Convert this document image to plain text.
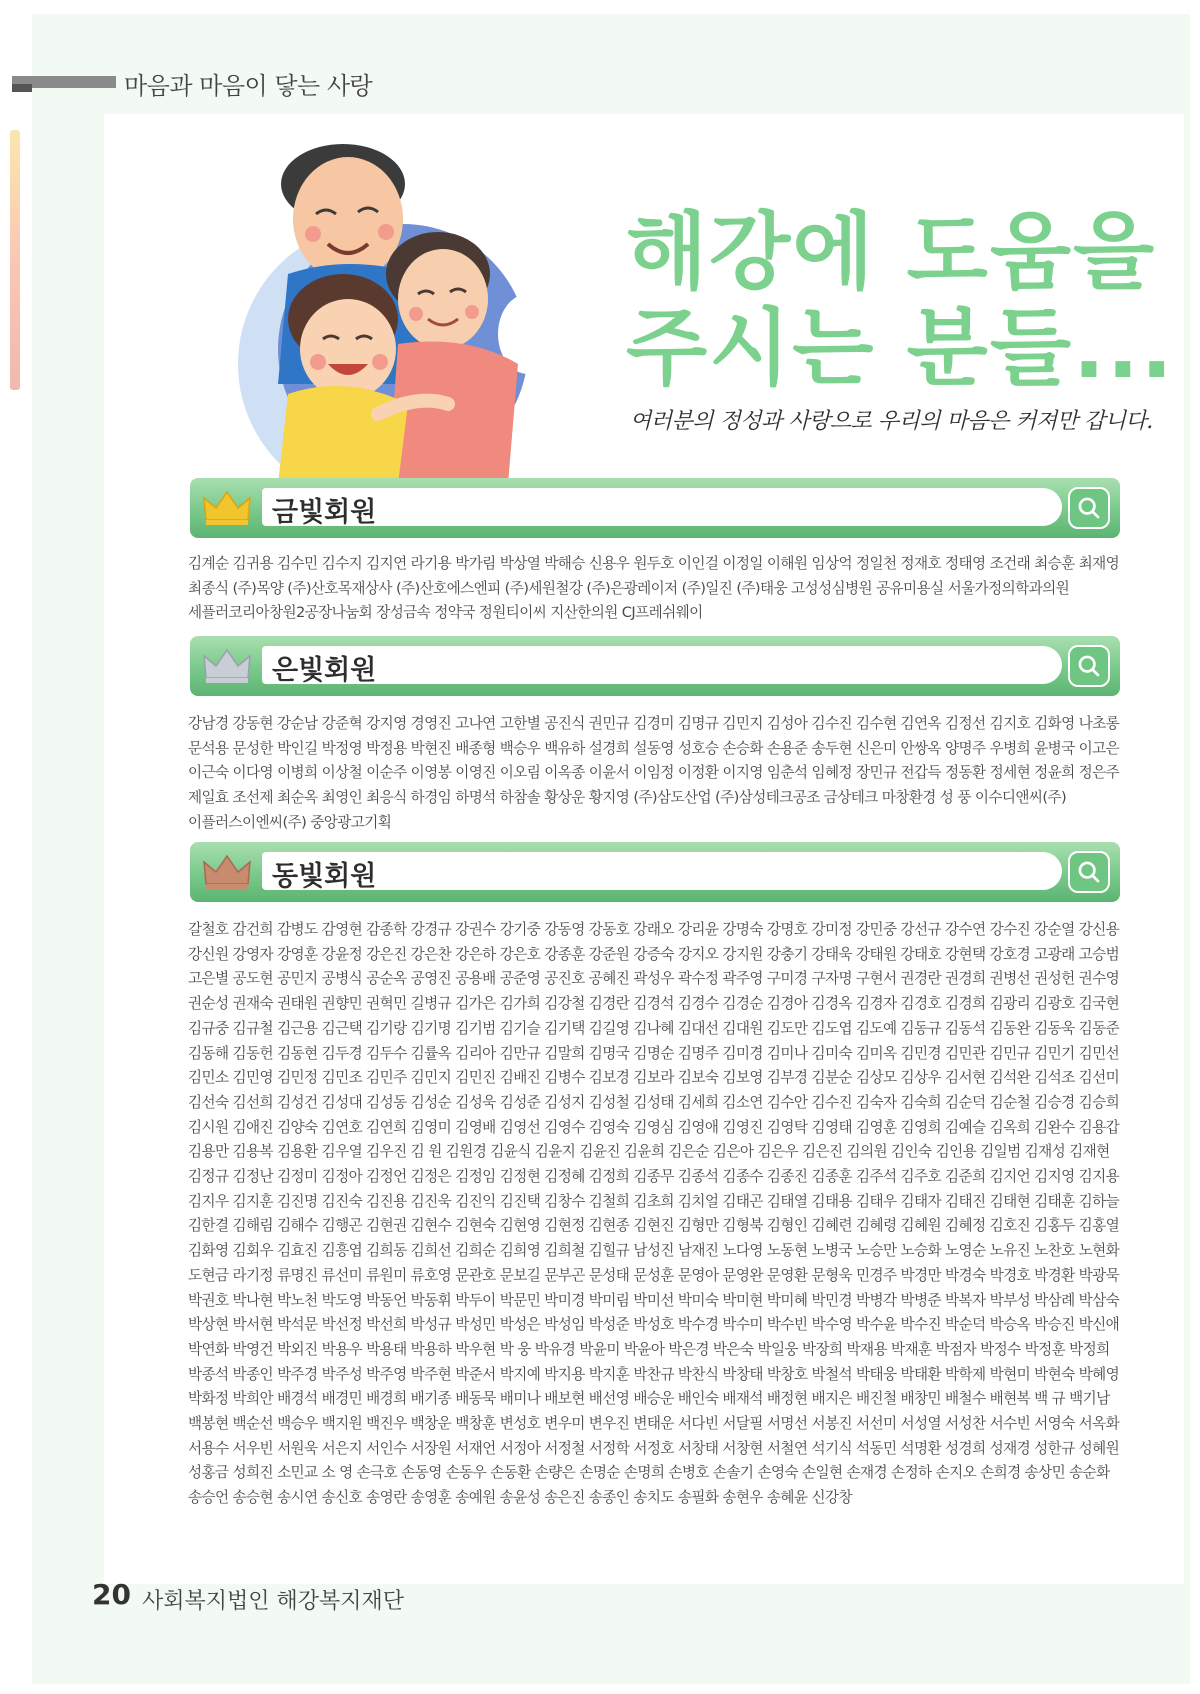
마음과 마음이 닿는 사랑
해강에 도움을
주시는 분들...
여러분의 정성과 사랑으로 우리의 마음은 커져만 갑니다.
금빛회원
김계순 김귀용 김수민 김수지 김지연 라기용 박가림 박상열 박해승 신용우 원두호 이인걸 이정일 이해원 임상억 정일천 정재호 정태영 조건래 최승훈 최재영 최종식 (주)목양 (주)산호목재상사 (주)산호에스엔피 (주)세원철강 (주)은광레이저 (주)일진 (주)태웅 고성성심병원 공유미용실 서울가정의학과의원 세플러코리아창원2공장나눔회 장성금속 정약국 정원티이씨 지산한의원 CJ프레쉬웨이
은빛회원
강남경 강동현 강순남 강준혁 강지영 경영진 고나연 고한별 공진식 권민규 김경미 김명규 김민지 김성아 김수진 김수현 김연옥 김정선 김지호 김화영 나초롱 문석용 문성한 박인길 박정영 박정용 박현진 배종형 백승우 백유하 설경희 설동영 성호승 손승화 손용준 송두현 신은미 안쌍옥 양명주 우병희 윤병국 이고은 이근숙 이다영 이병희 이상철 이순주 이영봉 이영진 이오림 이옥종 이윤서 이임정 이정환 이지영 임춘석 임혜정 장민규 전갑득 정동환 정세현 정윤희 정은주 제일효 조선제 최순옥 최영인 최응식 하경임 하명석 하참솔 황상운 황지영 (주)삼도산업 (주)삼성테크공조 금상테크 마창환경 성 풍 이수디앤씨(주) 이플러스이엔씨(주) 중앙광고기획
동빛회원
갈철호 감건희 감병도 감영현 감종학 강경규 강권수 강기중 강동영 강동호 강래오 강리윤 강명숙 강명호 강미정 강민중 강선규 강수연 강수진 강순열 강신용 강신원 강영자 강영훈 강윤정 강은진 강은찬 강은하 강은호 강종훈 강준원 강증숙 강지오 강지원 강충기 강태욱 강태원 강태호 강현택 강호경 고광래 고승범 고은별 공도현 공민지 공병식 공순옥 공영진 공용배 공준영 공진호 공혜진 곽성우 곽수정 곽주영 구미경 구자명 구현서 권경란 권경희 권병선 권성헌 권수영 권순성 권재숙 권태원 권향민 권혁민 길병규 김가은 김가희 김강철 김경란 김경석 김경수 김경순 김경아 김경옥 김경자 김경호 김경희 김광리 김광호 김국현 김규중 김규철 김근용 김근택 김기랑 김기명 김기범 김기슬 김기택 김길영 김나혜 김대선 김대원 김도만 김도엽 김도예 김동규 김동석 김동완 김동욱 김동준 김동해 김동헌 김동현 김두경 김두수 김률옥 김리아 김만규 김말희 김명국 김명순 김명주 김미경 김미나 김미숙 김미옥 김민경 김민관 김민규 김민기 김민선 김민소 김민영 김민정 김민조 김민주 김민지 김민진 김배진 김병수 김보경 김보라 김보숙 김보영 김부경 김분순 김상모 김상우 김서현 김석완 김석조 김선미 김선숙 김선희 김성건 김성대 김성동 김성순 김성욱 김성준 김성지 김성철 김성태 김세희 김소연 김수안 김수진 김숙자 김숙희 김순덕 김순철 김승경 김승희 김시원 김애진 김양숙 김연호 김연희 김영미 김영배 김영선 김영수 김영숙 김영심 김영애 김영진 김영탁 김영태 김영훈 김영희 김예슬 김옥희 김완수 김용갑 김용만 김용복 김용환 김우열 김우진 김 원 김원경 김윤식 김윤지 김윤진 김윤희 김은순 김은아 김은우 김은진 김의원 김인숙 김인용 김일범 김재성 김재현 김정규 김정난 김정미 김정아 김정언 김정은 김정임 김정현 김정혜 김정희 김종무 김종석 김종수 김종진 김종훈 김주석 김주호 김준희 김지언 김지영 김지용 김지우 김지훈 김진명 김진숙 김진용 김진욱 김진익 김진택 김창수 김철희 김초희 김치얼 김태곤 김태열 김태용 김태우 김태자 김태진 김태현 김태훈 김하늘 김한결 김해림 김해수 김행곤 김현권 김현수 김현숙 김현영 김현정 김현종 김현진 김형만 김형북 김형인 김혜련 김혜령 김혜원 김혜정 김호진 김홍두 김홍열 김화영 김회우 김효진 김흥엽 김희동 김희선 김희순 김희영 김희철 김힐규 남성진 남재진 노다영 노동현 노병국 노승만 노승화 노영순 노유진 노찬호 노현화 도현금 라기정 류명진 류선미 류원미 류호영 문관호 문보길 문부곤 문성태 문성훈 문영아 문영완 문영환 문형욱 민경주 박경만 박경숙 박경호 박경환 박광묵 박권호 박나현 박노천 박도영 박동언 박동휘 박두이 박문민 박미경 박미림 박미선 박미숙 박미현 박미혜 박민경 박병각 박병준 박복자 박부성 박삼례 박삼숙 박상현 박서현 박석문 박선정 박선희 박성규 박성민 박성은 박성임 박성준 박성호 박수경 박수미 박수빈 박수영 박수윤 박수진 박순덕 박승옥 박승진 박신애 박연화 박영건 박외진 박용우 박용태 박용하 박우현 박 웅 박유경 박윤미 박윤아 박은경 박은숙 박일웅 박장희 박재용 박재훈 박점자 박정수 박정훈 박정희 박종석 박종인 박주경 박주성 박주영 박주현 박준서 박지예 박지용 박지훈 박찬규 박찬식 박창태 박창호 박철석 박태웅 박태환 박학제 박현미 박현숙 박혜영 박화정 박희안 배경석 배경민 배경희 배기종 배동묵 배미나 배보현 배선영 배승운 배인숙 배재석 배정현 배지은 배진철 배창민 배철수 배현복 백 규 백기남 백봉현 백순선 백승우 백지원 백진우 백창운 백창훈 변성호 변우미 변우진 변태운 서다빈 서달필 서명선 서봉진 서선미 서성열 서성찬 서수빈 서영숙 서옥화 서용수 서우빈 서원욱 서은지 서인수 서장원 서재언 서정아 서정철 서정학 서정호 서창태 서창현 서철연 석기식 석동민 석명환 성경희 성재경 성한규 성혜원 성홍금 성희진 소민교 소 영 손극호 손동영 손동우 손동환 손량은 손명순 손명희 손병호 손솔기 손영숙 손일현 손재경 손정하 손지오 손희경 송상민 송순화 송승언 송승현 송시연 송신호 송영란 송영훈 송예원 송윤성 송은진 송종인 송치도 송필화 송현우 송혜윤 신강창
20 사회복지법인 해강복지재단
